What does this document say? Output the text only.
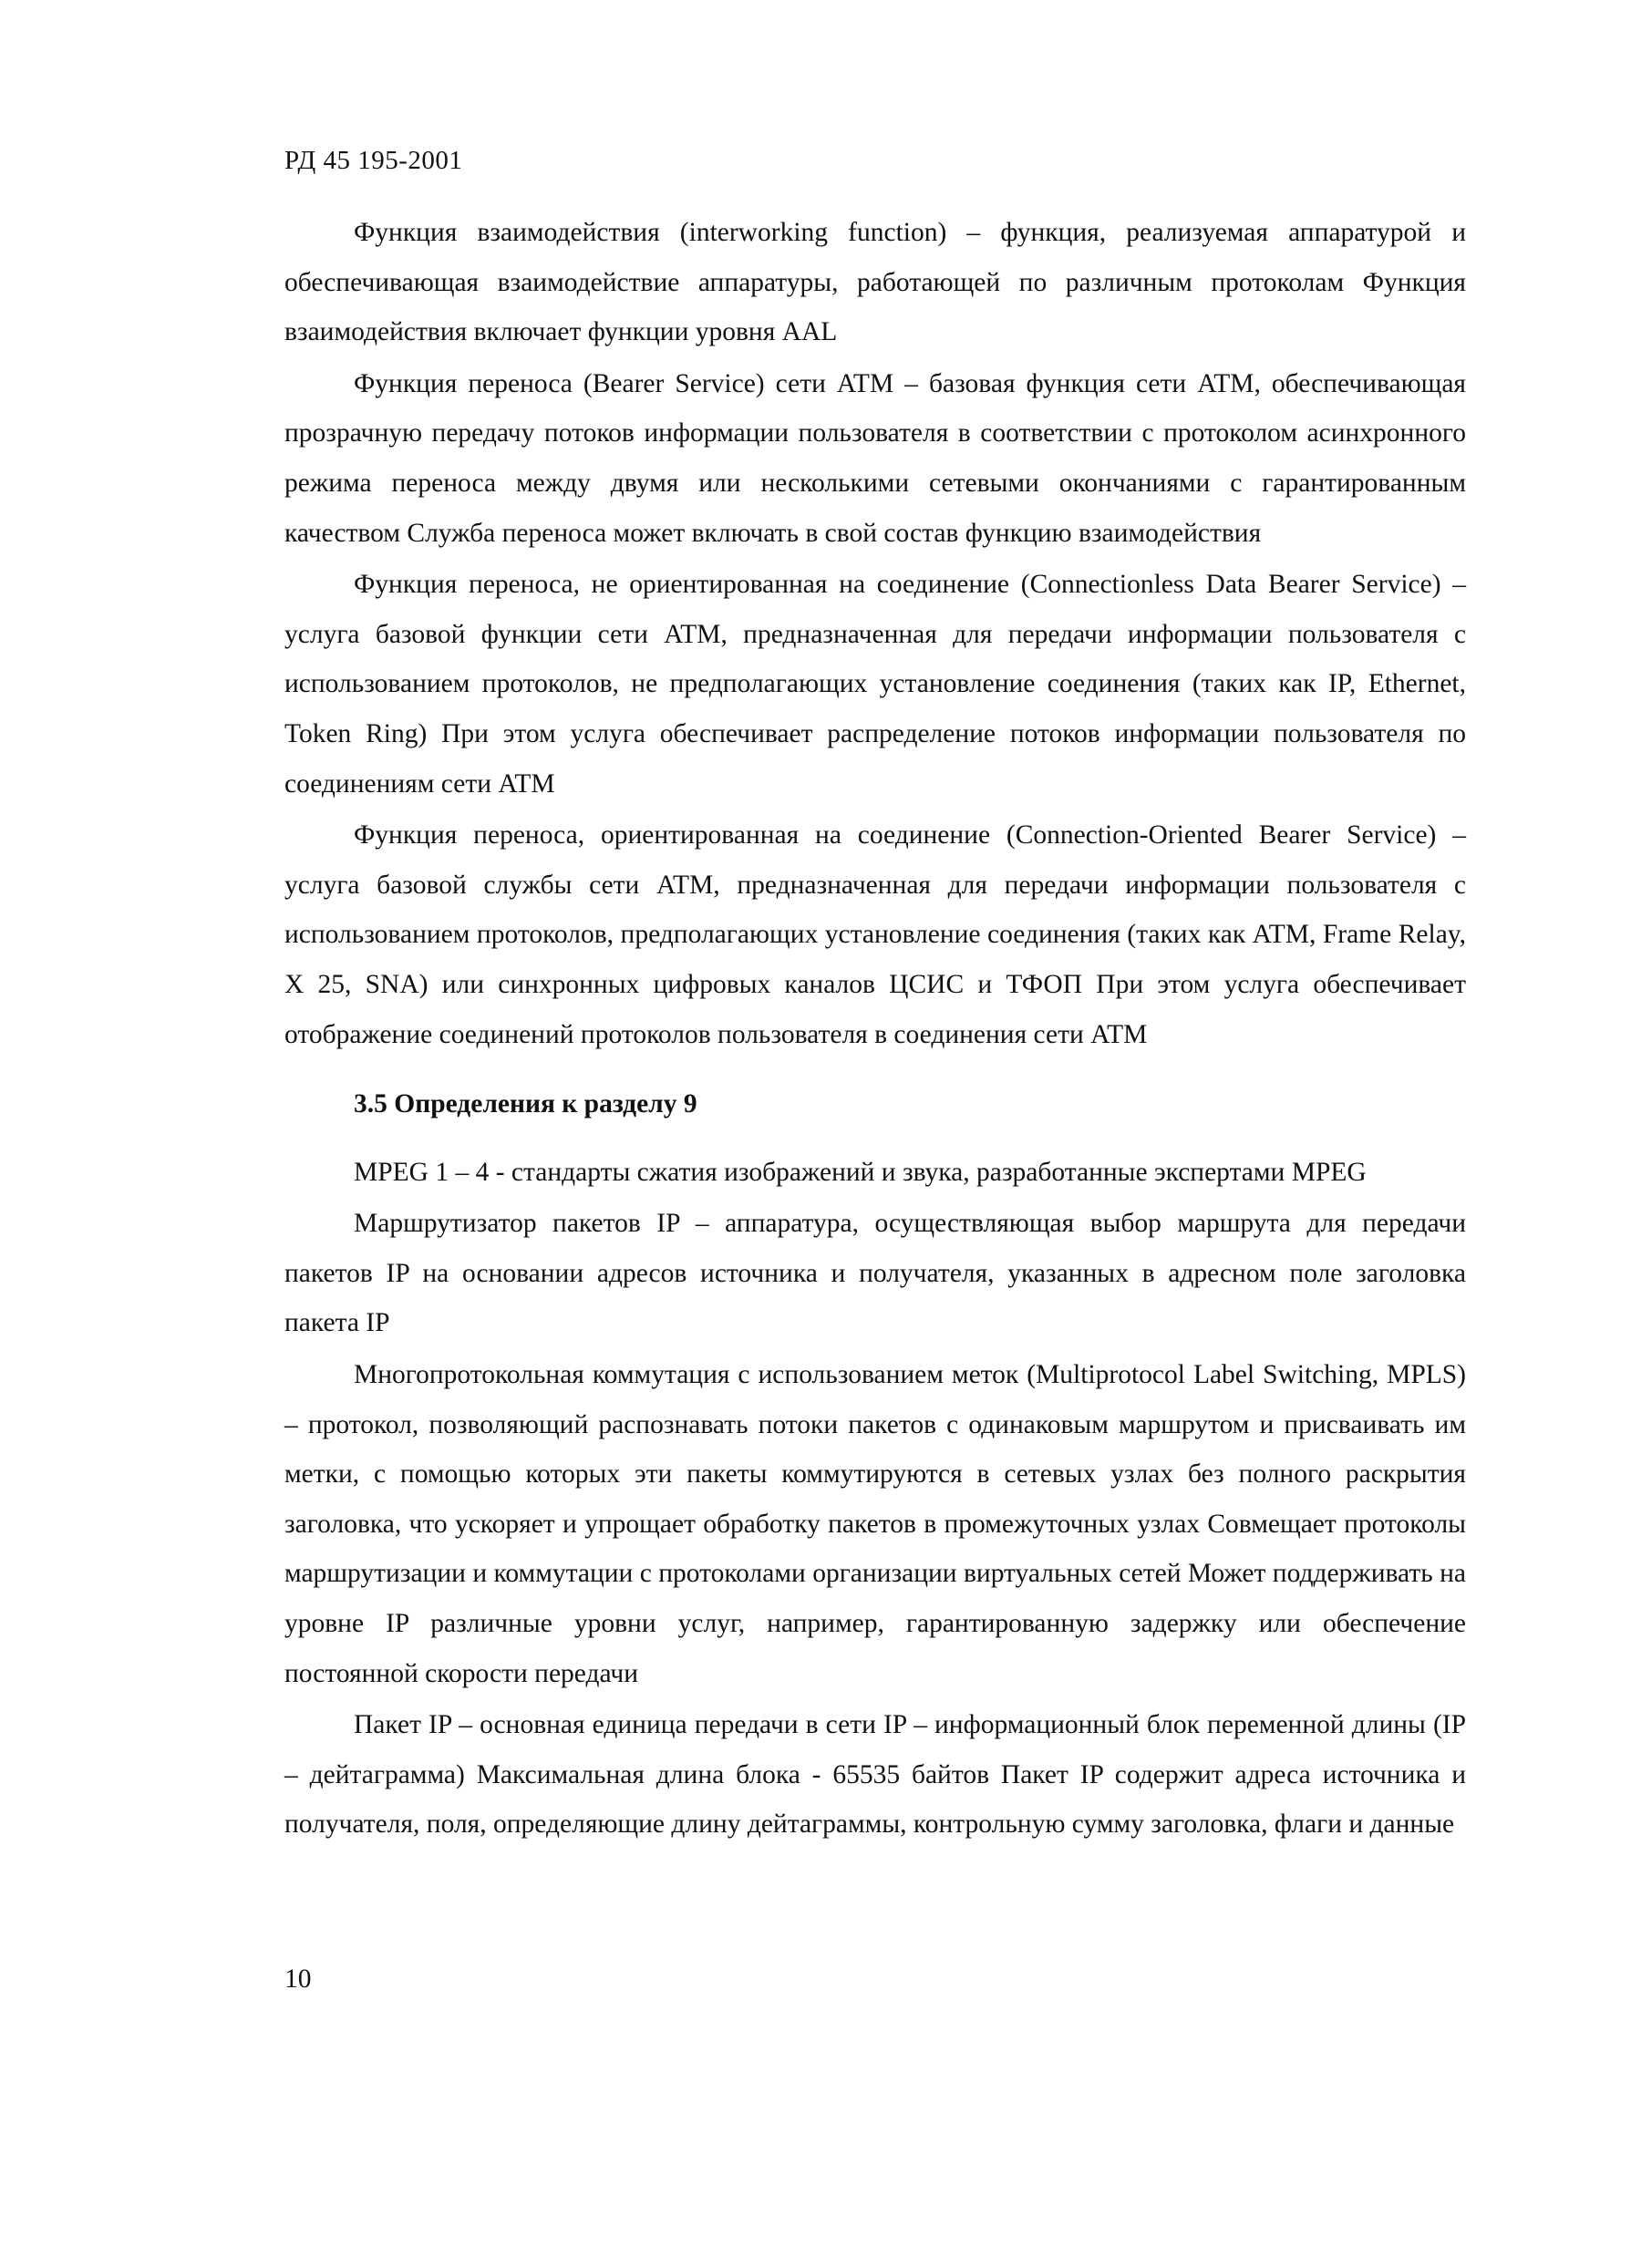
РД 45 195-2001

Функция взаимодействия (interworking function) – функция, реализуемая аппаратурой и обеспечивающая взаимодействие аппаратуры, работающей по различным протоколам Функция взаимодействия включает функции уровня AAL

Функция переноса (Bearer Service) сети ATM – базовая функция сети ATM, обеспечивающая прозрачную передачу потоков информации пользователя в соответствии с протоколом асинхронного режима переноса между двумя или несколькими сетевыми окончаниями с гарантированным качеством Служба переноса может включать в свой состав функцию взаимодействия

Функция переноса, не ориентированная на соединение (Connectionless Data Bearer Service) – услуга базовой функции сети ATM, предназначенная для передачи информации пользователя с использованием протоколов, не предполагающих установление соединения (таких как IP, Ethernet, Token Ring) При этом услуга обеспечивает распределение потоков информации пользователя по соединениям сети ATM

Функция переноса, ориентированная на соединение (Connection-Oriented Bearer Service) – услуга базовой службы сети ATM, предназначенная для передачи информации пользователя с использованием протоколов, предполагающих установление соединения (таких как ATM, Frame Relay, X 25, SNA) или синхронных цифровых каналов ЦСИС и ТФОП При этом услуга обеспечивает отображение соединений протоколов пользователя в соединения сети ATM

3.5 Определения к разделу 9

MPEG 1 – 4 - стандарты сжатия изображений и звука, разработанные экспертами MPEG

Маршрутизатор пакетов IP – аппаратура, осуществляющая выбор маршрута для передачи пакетов IP на основании адресов источника и получателя, указанных в адресном поле заголовка пакета IP

Многопротокольная коммутация с использованием меток (Multiprotocol Label Switching, MPLS) – протокол, позволяющий распознавать потоки пакетов с одинаковым маршрутом и присваивать им метки, с помощью которых эти пакеты коммутируются в сетевых узлах без полного раскрытия заголовка, что ускоряет и упрощает обработку пакетов в промежуточных узлах Совмещает протоколы маршрутизации и коммутации с протоколами организации виртуальных сетей Может поддерживать на уровне IP различные уровни услуг, например, гарантированную задержку или обеспечение постоянной скорости передачи

Пакет IP – основная единица передачи в сети IP – информационный блок переменной длины (IP – дейтаграмма) Максимальная длина блока - 65535 байтов Пакет IP содержит адреса источника и получателя, поля, определяющие длину дейтаграммы, контрольную сумму заголовка, флаги и данные

10
